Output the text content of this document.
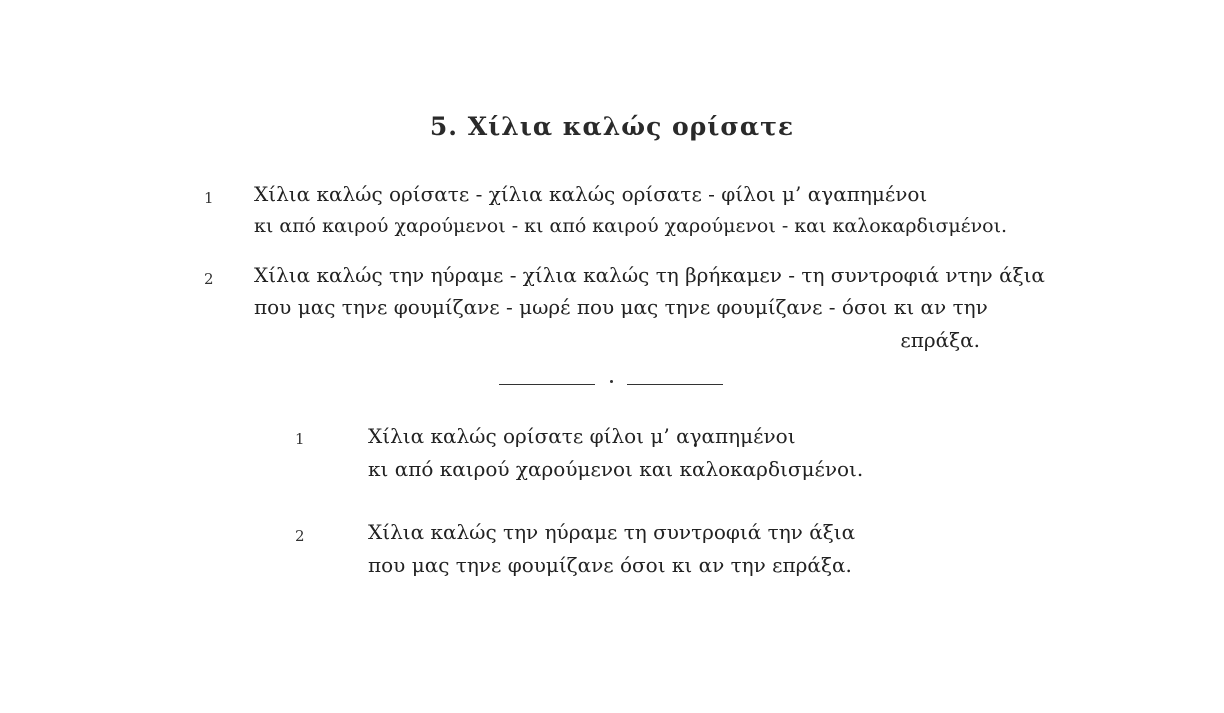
5. Χίλια καλώς ορίσατε
1 Χίλια καλώς ορίσατε - χίλια καλώς ορίσατε - φίλοι μ’ αγαπημένοι
κι από καιρού χαρούμενοι - κι από καιρού χαρούμενοι - και καλοκαρδισμένοι.
2 Χίλια καλώς την ηύραμε - χίλια καλώς τη βρήκαμεν - τη συντροφιά ντην άξια
που μας τηνε φουμίζανε - μωρέ που μας τηνε φουμίζανε - όσοι κι αν την
επράξα.
1	Χίλια καλώς ορίσατε φίλοι μ’ αγαπημένοι
κι από καιρού χαρούμενοι και καλοκαρδισμένοι.
2	Χίλια καλώς την ηύραμε τη συντροφιά την άξια
που μας τηνε φουμίζανε όσοι κι αν την επράξα.
